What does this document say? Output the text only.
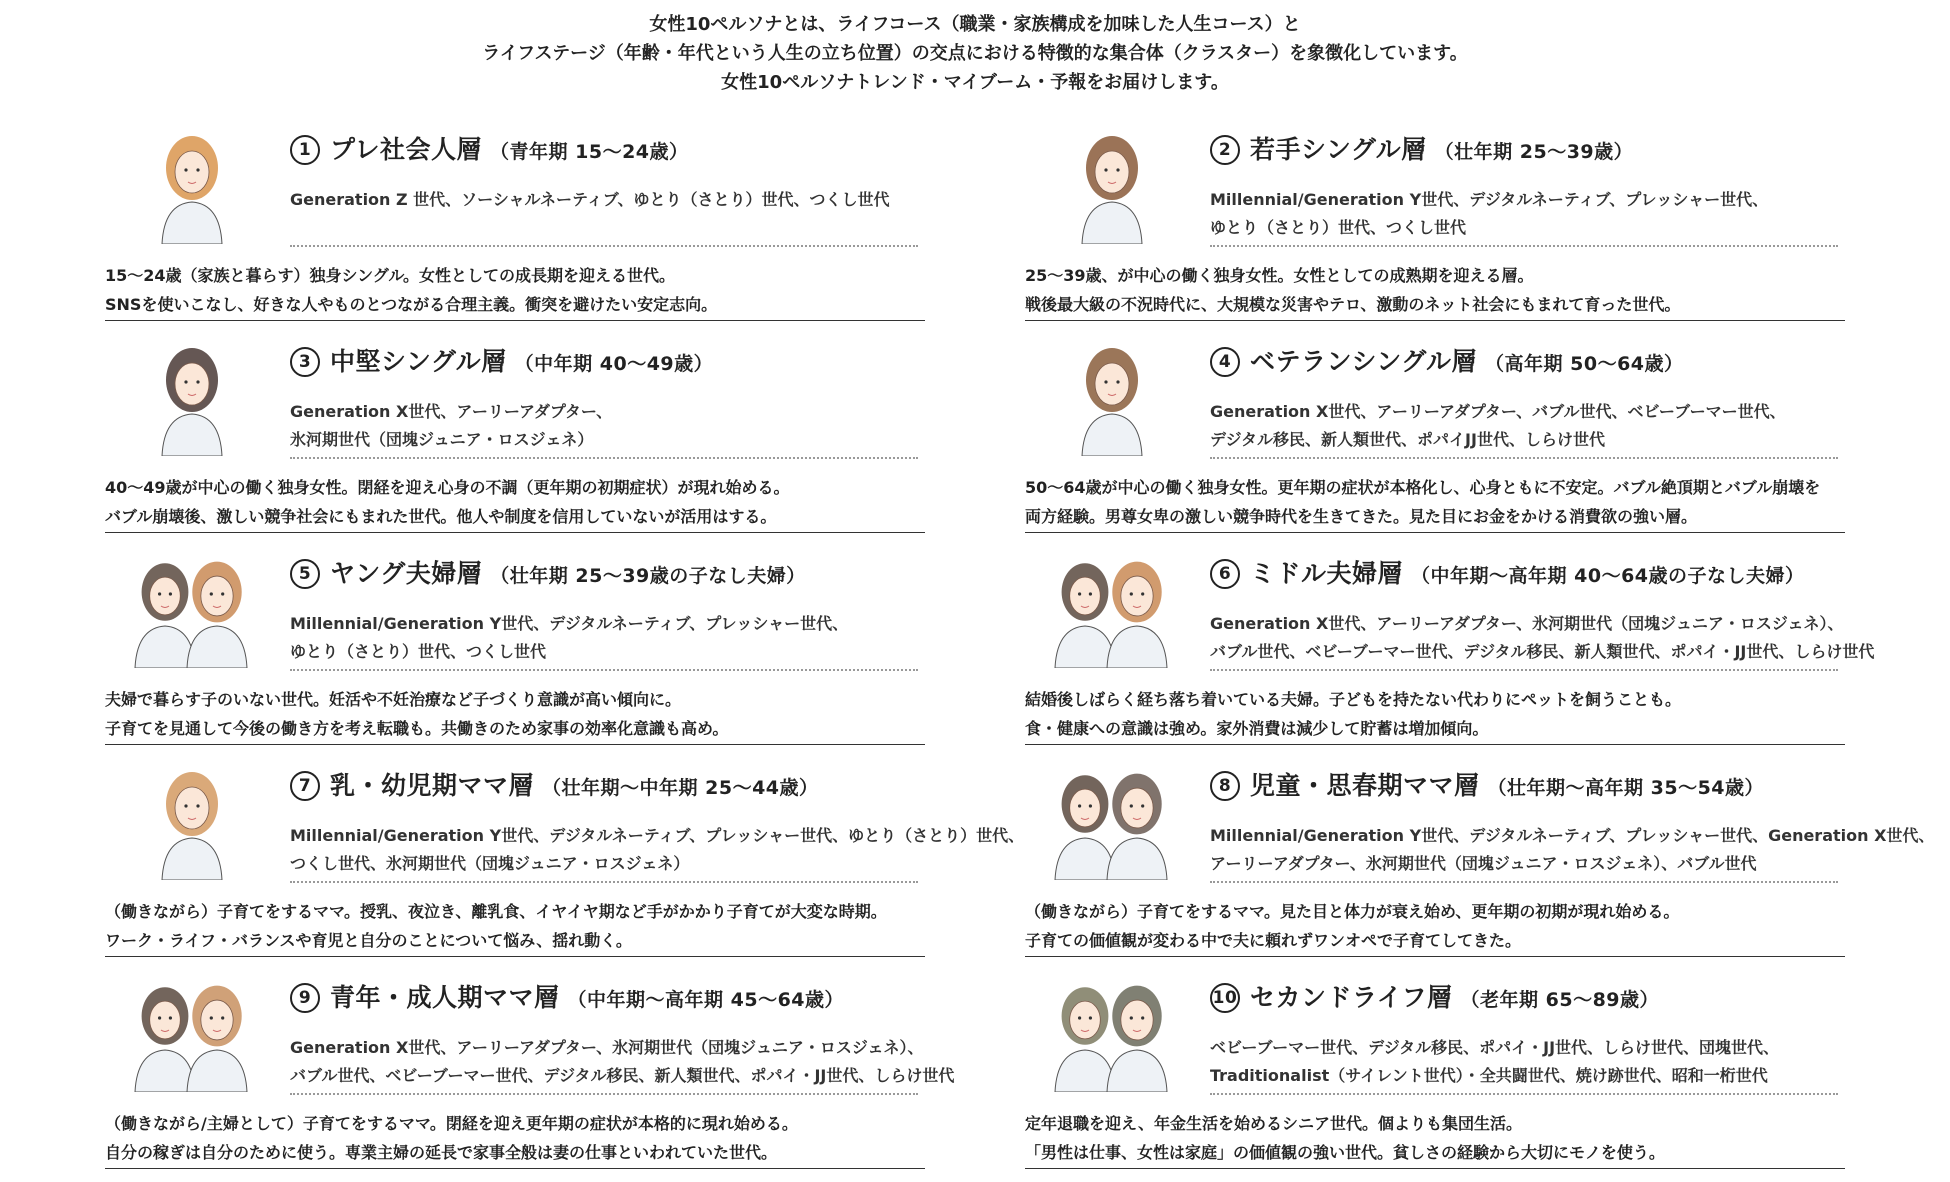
女性10ペルソナとは、ライフコース（職業・家族構成を加味した人生コース）と
ライフステージ（年齢・年代という人生の立ち位置）の交点における特徴的な集合体（クラスター）を象徴化しています。
女性10ペルソナトレンド・マイブーム・予報をお届けします。
1 プレ社会人層 （青年期 15〜24歳）
Generation Z 世代、ソーシャルネーティブ、ゆとり（さとり）世代、つくし世代
15〜24歳（家族と暮らす）独身シングル。女性としての成長期を迎える世代。
SNSを使いこなし、好きな人やものとつながる合理主義。衝突を避けたい安定志向。
2 若手シングル層 （壮年期 25〜39歳）
Millennial/Generation Y世代、デジタルネーティブ、プレッシャー世代、
ゆとり（さとり）世代、つくし世代
25〜39歳、が中心の働く独身女性。女性としての成熟期を迎える層。
戦後最大級の不況時代に、大規模な災害やテロ、激動のネット社会にもまれて育った世代。
3 中堅シングル層 （中年期 40〜49歳）
Generation X世代、アーリーアダプター、
氷河期世代（団塊ジュニア・ロスジェネ）
40〜49歳が中心の働く独身女性。閉経を迎え心身の不調（更年期の初期症状）が現れ始める。
バブル崩壊後、激しい競争社会にもまれた世代。他人や制度を信用していないが活用はする。
4 ベテランシングル層 （高年期 50〜64歳）
Generation X世代、アーリーアダプター、バブル世代、ベビーブーマー世代、
デジタル移民、新人類世代、ポパイJJ世代、しらけ世代
50〜64歳が中心の働く独身女性。更年期の症状が本格化し、心身ともに不安定。バブル絶頂期とバブル崩壊を
両方経験。男尊女卑の激しい競争時代を生きてきた。見た目にお金をかける消費欲の強い層。
5 ヤング夫婦層 （壮年期 25〜39歳の子なし夫婦）
Millennial/Generation Y世代、デジタルネーティブ、プレッシャー世代、
ゆとり（さとり）世代、つくし世代
夫婦で暮らす子のいない世代。妊活や不妊治療など子づくり意識が高い傾向に。
子育てを見通して今後の働き方を考え転職も。共働きのため家事の効率化意識も高め。
6 ミドル夫婦層 （中年期〜高年期 40〜64歳の子なし夫婦）
Generation X世代、アーリーアダプター、氷河期世代（団塊ジュニア・ロスジェネ）、
バブル世代、ベビーブーマー世代、デジタル移民、新人類世代、ポパイ・JJ世代、しらけ世代
結婚後しばらく経ち落ち着いている夫婦。子どもを持たない代わりにペットを飼うことも。
食・健康への意識は強め。家外消費は減少して貯蓄は増加傾向。
7 乳・幼児期ママ層 （壮年期〜中年期 25〜44歳）
Millennial/Generation Y世代、デジタルネーティブ、プレッシャー世代、ゆとり（さとり）世代、
つくし世代、氷河期世代（団塊ジュニア・ロスジェネ）
（働きながら）子育てをするママ。授乳、夜泣き、離乳食、イヤイヤ期など手がかかり子育てが大変な時期。
ワーク・ライフ・バランスや育児と自分のことについて悩み、揺れ動く。
8 児童・思春期ママ層 （壮年期〜高年期 35〜54歳）
Millennial/Generation Y世代、デジタルネーティブ、プレッシャー世代、Generation X世代、
アーリーアダプター、氷河期世代（団塊ジュニア・ロスジェネ）、バブル世代
（働きながら）子育てをするママ。見た目と体力が衰え始め、更年期の初期が現れ始める。
子育ての価値観が変わる中で夫に頼れずワンオペで子育てしてきた。
9 青年・成人期ママ層 （中年期〜高年期 45〜64歳）
Generation X世代、アーリーアダプター、氷河期世代（団塊ジュニア・ロスジェネ）、
バブル世代、ベビーブーマー世代、デジタル移民、新人類世代、ポパイ・JJ世代、しらけ世代
（働きながら/主婦として）子育てをするママ。閉経を迎え更年期の症状が本格的に現れ始める。
自分の稼ぎは自分のために使う。専業主婦の延長で家事全般は妻の仕事といわれていた世代。
10 セカンドライフ層 （老年期 65〜89歳）
ベビーブーマー世代、デジタル移民、ポパイ・JJ世代、しらけ世代、団塊世代、
Traditionalist（サイレント世代）・全共闘世代、焼け跡世代、昭和一桁世代
定年退職を迎え、年金生活を始めるシニア世代。個よりも集団生活。
「男性は仕事、女性は家庭」の価値観の強い世代。貧しさの経験から大切にモノを使う。
